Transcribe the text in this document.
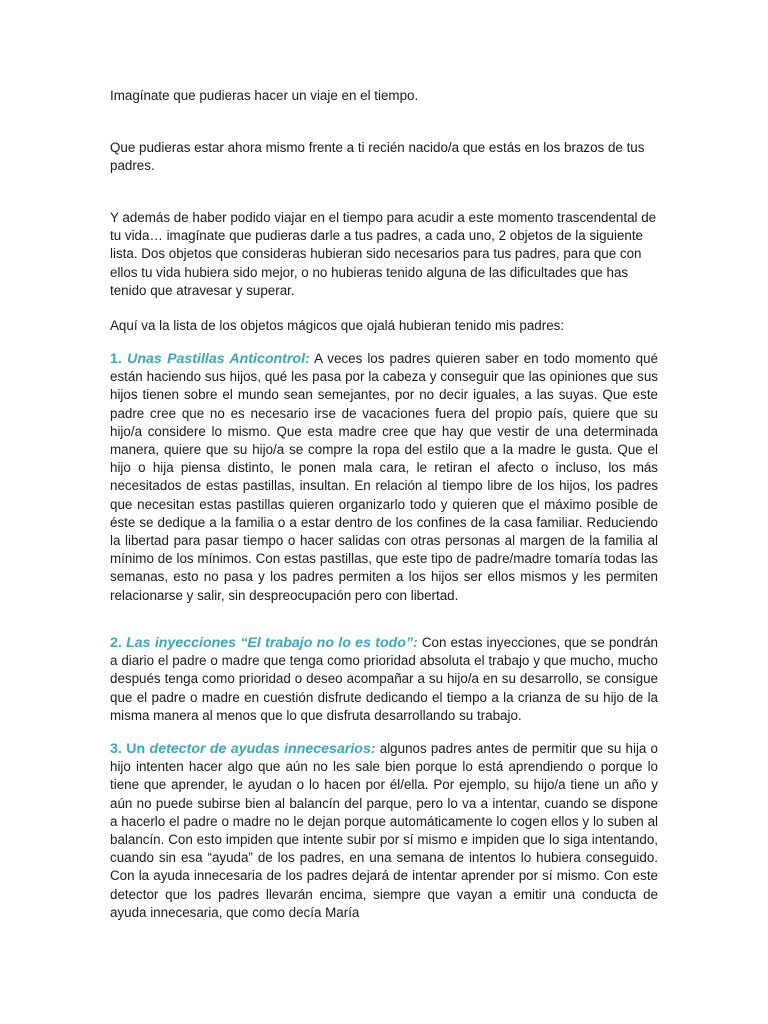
Imagínate que pudieras hacer un viaje en el tiempo.

Que pudieras estar ahora mismo frente a ti recién nacido/a que estás en los brazos de tus padres.

Y además de haber podido viajar en el tiempo para acudir a este momento trascendental de tu vida… imagínate que pudieras darle a tus padres, a cada uno, 2 objetos de la siguiente lista. Dos objetos que consideras hubieran sido necesarios para tus padres, para que con ellos tu vida hubiera sido mejor, o no hubieras tenido alguna de las dificultades que has tenido que atravesar y superar.

Aquí va la lista de los objetos mágicos que ojalá hubieran tenido mis padres:

1. Unas Pastillas Anticontrol: A veces los padres quieren saber en todo momento qué están haciendo sus hijos, qué les pasa por la cabeza y conseguir que las opiniones que sus hijos tienen sobre el mundo sean semejantes, por no decir iguales, a las suyas. Que este padre cree que no es necesario irse de vacaciones fuera del propio país, quiere que su hijo/a considere lo mismo. Que esta madre cree que hay que vestir de una determinada manera, quiere que su hijo/a se compre la ropa del estilo que a la madre le gusta. Que el hijo o hija piensa distinto, le ponen mala cara, le retiran el afecto o incluso, los más necesitados de estas pastillas, insultan. En relación al tiempo libre de los hijos, los padres que necesitan estas pastillas quieren organizarlo todo y quieren que el máximo posible de éste se dedique a la familia o a estar dentro de los confines de la casa familiar. Reduciendo la libertad para pasar tiempo o hacer salidas con otras personas al margen de la familia al mínimo de los mínimos. Con estas pastillas, que este tipo de padre/madre tomaría todas las semanas, esto no pasa y los padres permiten a los hijos ser ellos mismos y les permiten relacionarse y salir, sin despreocupación pero con libertad.

2. Las inyecciones “El trabajo no lo es todo”: Con estas inyecciones, que se pondrán a diario el padre o madre que tenga como prioridad absoluta el trabajo y que mucho, mucho después tenga como prioridad o deseo acompañar a su hijo/a en su desarrollo, se consigue que el padre o madre en cuestión disfrute dedicando el tiempo a la crianza de su hijo de la misma manera al menos que lo que disfruta desarrollando su trabajo.

3. Un detector de ayudas innecesarios: algunos padres antes de permitir que su hija o hijo intenten hacer algo que aún no les sale bien porque lo está aprendiendo o porque lo tiene que aprender, le ayudan o lo hacen por él/ella. Por ejemplo, su hijo/a tiene un año y aún no puede subirse bien al balancín del parque, pero lo va a intentar, cuando se dispone a hacerlo el padre o madre no le dejan porque automáticamente lo cogen ellos y lo suben al balancín. Con esto impiden que intente subir por sí mismo e impiden que lo siga intentando, cuando sin esa “ayuda” de los padres, en una semana de intentos lo hubiera conseguido. Con la ayuda innecesaria de los padres dejará de intentar aprender por sí mismo. Con este detector que los padres llevarán encima, siempre que vayan a emitir una conducta de ayuda innecesaria, que como decía María
